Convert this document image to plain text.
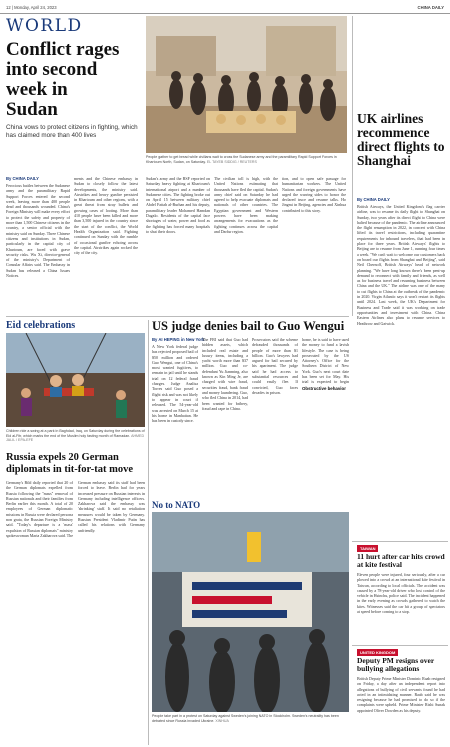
12 | Monday, April 24, 2023	CHINA DAILY
WORLD
Conflict rages into second week in Sudan
China vows to protect citizens in fighting, which has claimed more than 400 lives
People gather to get bread while civilians wait to cross the Sudanese army and the paramilitary Rapid Support Forces in Khartoum North, Sudan, on Saturday. EL TAYEB SIDDIG / REUTERS
By CHINA DAILY
Ferocious battles between the Sudanese army and the paramilitary Rapid Support Forces entered the second week, leaving more than 400 people dead and thousands wounded. China's Foreign Ministry will make every effort to protect the safety and property of more than 1,500 Chinese citizens in the country, a senior official with the ministry said on Sunday. Three Chinese citizens and institutions in Sudan, particularly in the capital city of Khartoum, are faced with grave security risks. Wu Xi, director-general of the ministry's Department of Consular Affairs said. The Embassy in Sudan has released a China Issues Notices.
ments and the Chinese embassy in Sudan to closely follow the latest developments, the ministry said. Airstrikes and heavy gunfire persisted in Khartoum and other regions, with a great threat from stray bullets and growing cases of looting. More than 410 people have been killed and more than 3,500 injured in the country since the start of the conflict, the World Health Organization said. Fighting continued on Sunday with the rumble of occasional gunfire echoing across the capital. Airstrikes again rocked the city of the city.
Sudan's army and the RSF reported on Saturday heavy fighting at Khartoum's international airport and a number of Sudanese cities. The fighting broke out on April 15 between military chief Abdel Fattah al-Burhan and his deputy, paramilitary leader Mohamed Hamdan Dagalo. Residents of the capital face shortages of water, power and food as the fighting has forced many hospitals to shut their doors.
The civilian toll is high, with the United Nations estimating that thousands have fled the capital. Sudan's army chief said on Saturday he had agreed to help evacuate diplomats and nationals of other countries. The Egyptian government and Western powers have been making arrangements for evacuations as the fighting continues across the capital and Darfur region.
tion, and to open safe passage for humanitarian workers. The United Nations and foreign governments have urged the warring sides to honor the declared truce and resume talks. Ho Jingmi in Beijing, agencies and Xinhua contributed to this story.
UK airlines recommence direct flights to Shanghai
By CHINA DAILY
British Airways, the United Kingdom's flag carrier airline, was to resume its daily flight to Shanghai on Sunday, two years after its direct flight to China were halted because of the pandemic. The airline announced the flight resumption in 2022, in concert with China lifted its travel restrictions, including quarantine requirements for inbound travelers, that had been in place for three years. British Airways' flights to Beijing are to resume from June 1, running four times a week. "We can't wait to welcome our customers back on board our flights from Shanghai and Beijing", said Neil Chernoff, British Airways' head of network planning. "We have long known there's been pent-up demand to reconnect with family and friends, as well as for business travel and resuming business between China and the UK." The airline was one of the many to cut flights to China at the outbreak of the pandemic in 2020. Virgin Atlantic says it won't restart its flights until 2024. Last week, the UK's Department for Business and Trade said it was working on trade opportunities and investment with China. China Eastern Airlines also plans to resume services to Heathrow and Gatwick.
Eid celebrations
Children ride a swing at a park in Baghdad, Iraq, on Saturday during the celebrations of Eid al-Fitr, which marks the end of the Muslim holy fasting month of Ramadan. AHMED JALIL / EPA-EFE
Russia expels 20 German diplomats in tit-for-tat move
Germany's Bild daily reported that 20 of the German diplomats expelled from Russia following the "mass" removal of Russian nationals and their families from Berlin earlier this month. A total of 20 employees of German diplomatic missions in Russia were declared persona non grata, the Russian Foreign Ministry said. "Today's departure is a 'mass' expulsion of Russian diplomats" ministry spokeswoman Maria Zakharova said. The German embassy said its staff had been forced to leave. Berlin had for years increased pressure on Russian interests in Germany including intelligence officers. Zakharova said the embassy was 'shrinking' staff. It said no retaliation measures would be taken by Germany. Russian President Vladimir Putin has called his relations with Germany unfriendly.
US judge denies bail to Guo Wengui
By AI HEPING in New York
A New York federal judge has rejected proposed bail of $50 million and ordered Guo Wengui, one of China's most wanted fugitives, to remain in jail until he stands trial on 12 federal fraud charges. Judge Analisa Torres said Guo posed a flight risk and was not likely to appear in court if released. The 54-year-old was arrested on March 15 at his home in Manhattan. He has been in custody since.
The FBI said that Guo had hidden assets, which included real estate and luxury items, including a yacht worth more than $37 million. Guo and co-defendant Yu Jianming, also known as Kin Ming Je, are charged with wire fraud, securities fraud, bank fraud and money laundering. Guo, who fled China in 2014, had been wanted for bribery, fraud and rape in China.
Prosecutors said the scheme defrauded thousands of people of more than $1 billion. Guo's lawyers had argued for bail secured by his apartment. The judge said he had access to substantial resources and could easily flee. If convicted, Guo faces decades in prison.
Obstructive behavior
home, he is said to have used the money to fund a lavish lifestyle. The case is being prosecuted by the US Attorney's Office for the Southern District of New York. Guo's next court date has been set for May. His trial is expected to begin
No to NATO
People take part in a protest on Saturday against Sweden's joining NATO in Stockholm. Sweden's neutrality has been debated since Russia invaded Ukraine. XINHUA
TAIWAN
11 hurt after car hits crowd at kite festival
Eleven people were injured, four seriously, after a car plowed into a crowd at an international kite festival in Taiwan, according to local officials. The accident was caused by a 78-year-old driver who lost control of the vehicle in Hsinchu, police said. The incident happened in the early evening as crowds gathered to watch the kites. Witnesses said the car hit a group of spectators at speed before coming to a stop.
UNITED KINGDOM
Deputy PM resigns over bullying allegations
British Deputy Prime Minister Dominic Raab resigned on Friday, a day after an independent report into allegations of bullying of civil servants found he had acted in an intimidating manner. Raab said he was resigning because he had promised to do so if the complaints were upheld. Prime Minister Rishi Sunak appointed Oliver Dowden as his deputy.
